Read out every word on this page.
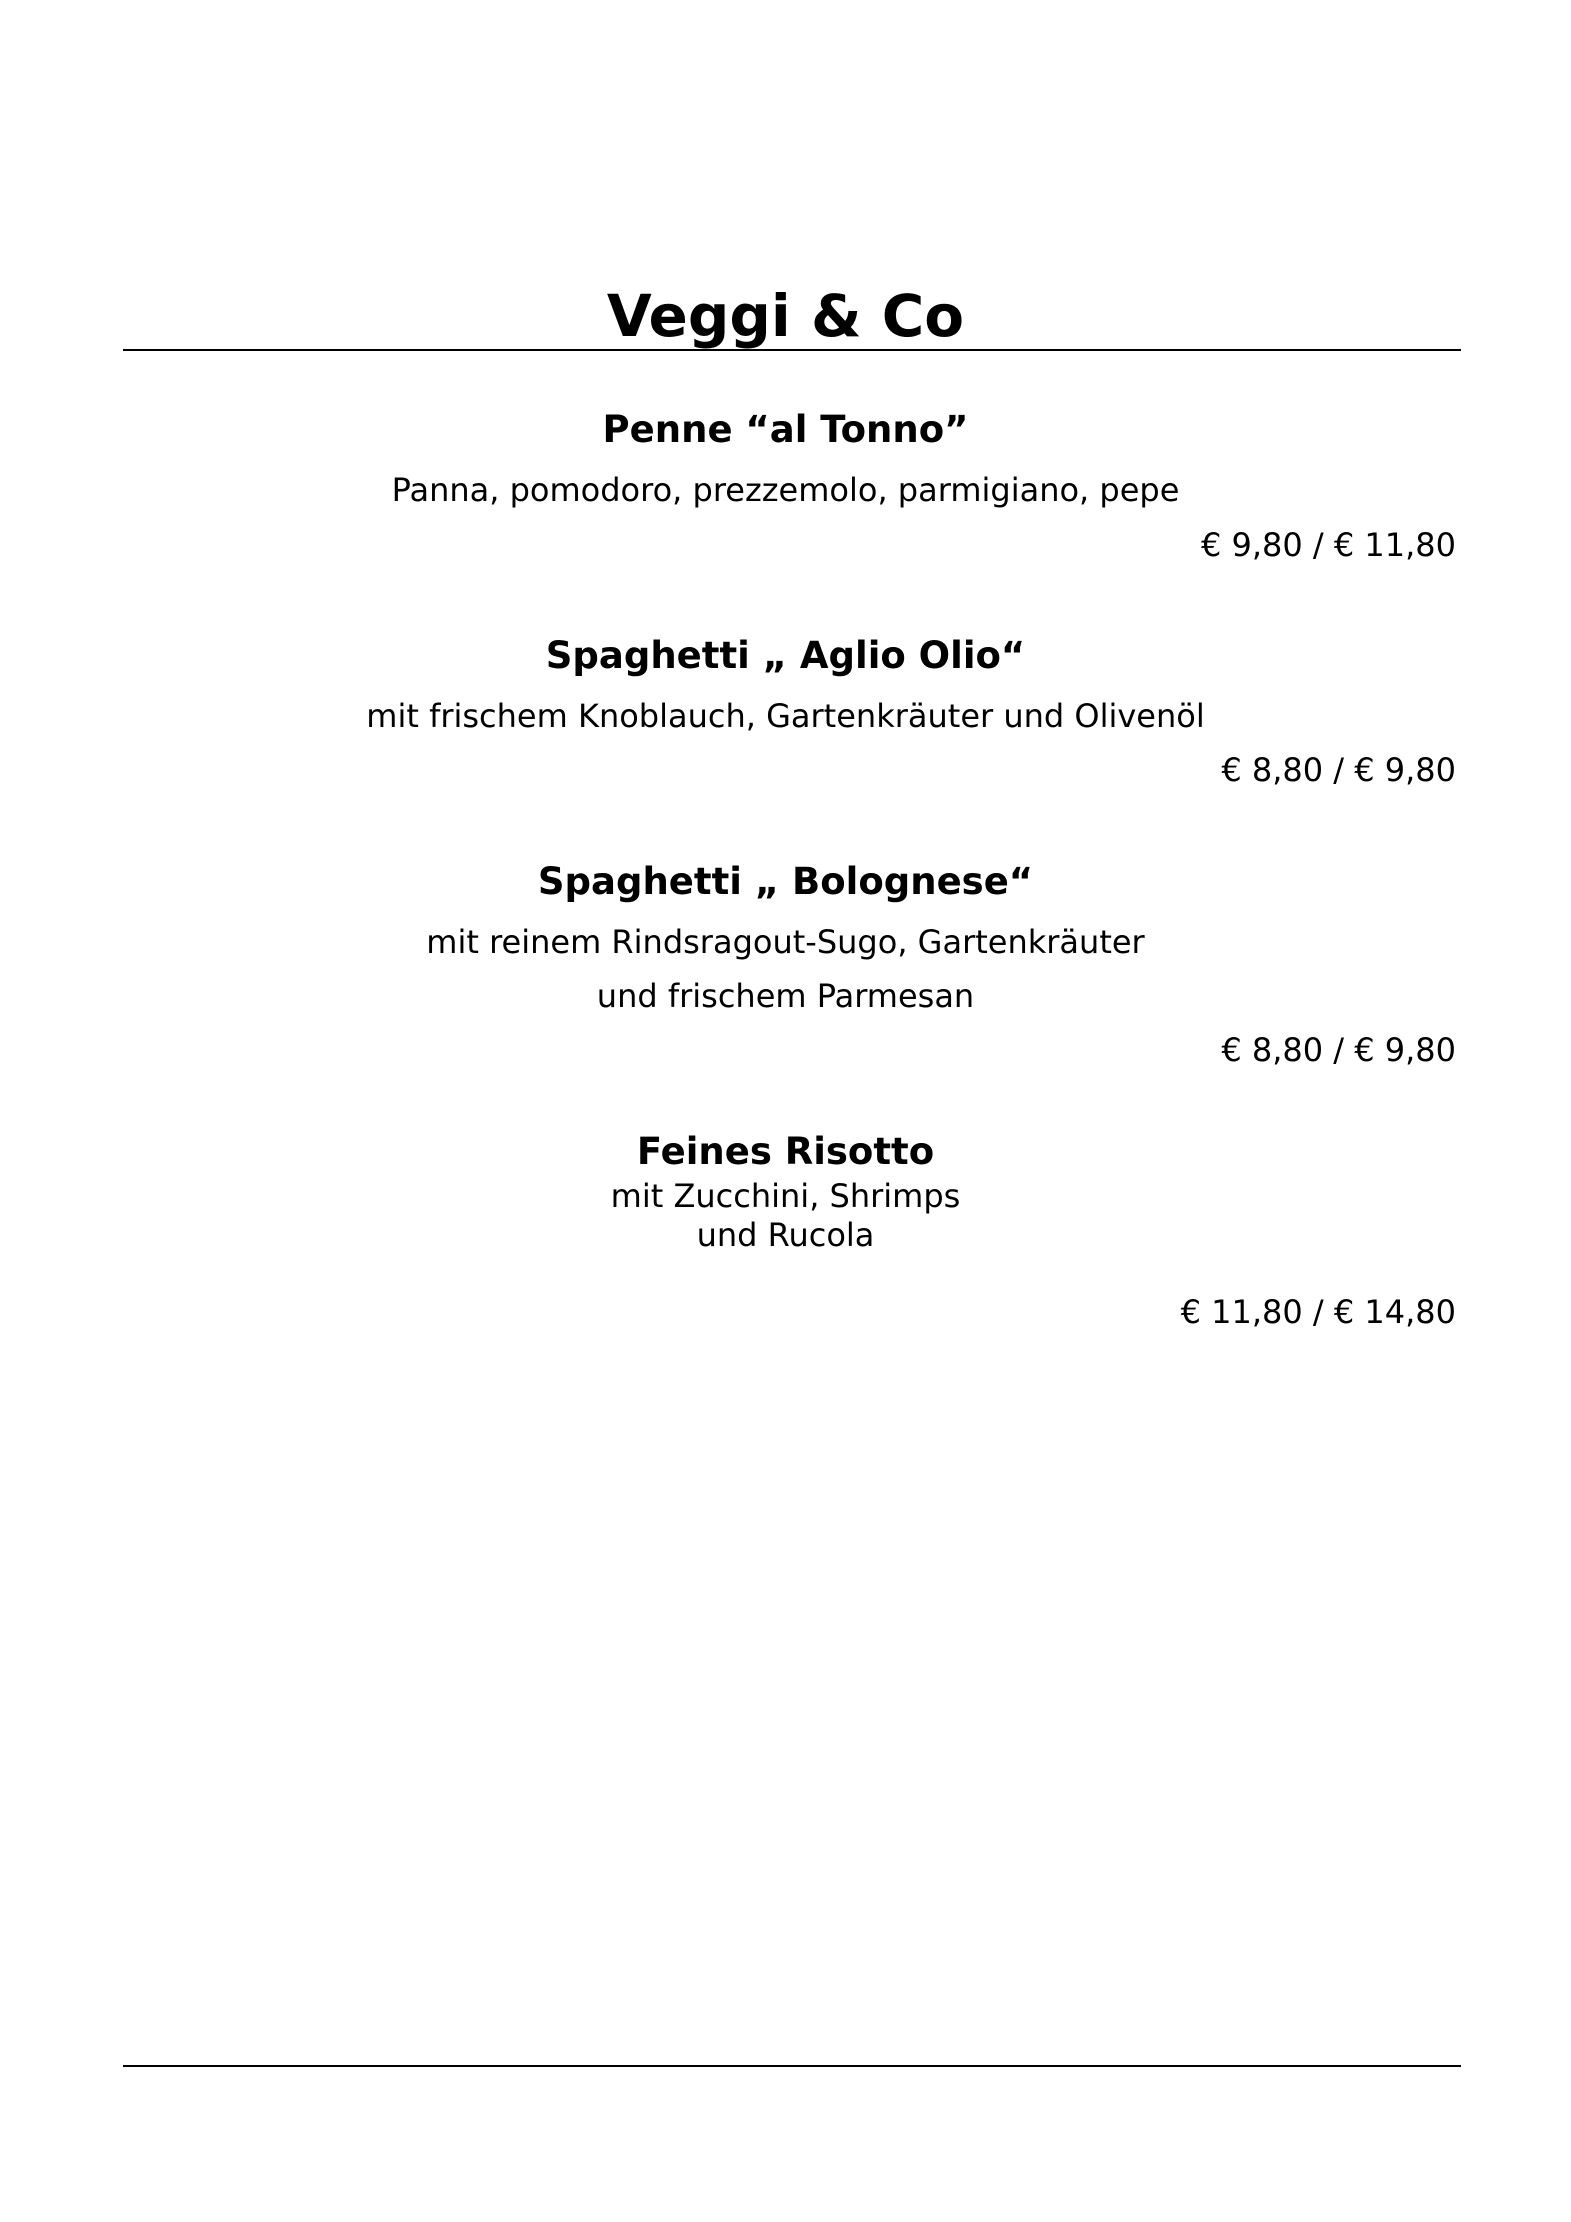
Veggi & Co
Penne “al Tonno”
Panna, pomodoro, prezzemolo, parmigiano, pepe
€ 9,80 / € 11,80
Spaghetti „ Aglio Olio“
mit frischem Knoblauch, Gartenkräuter und Olivenöl
€ 8,80 / € 9,80
Spaghetti „ Bolognese“
mit reinem Rindsragout-Sugo, Gartenkräuter
und frischem Parmesan
€ 8,80 / € 9,80
Feines Risotto
mit Zucchini, Shrimps
und Rucola
€ 11,80 / € 14,80
